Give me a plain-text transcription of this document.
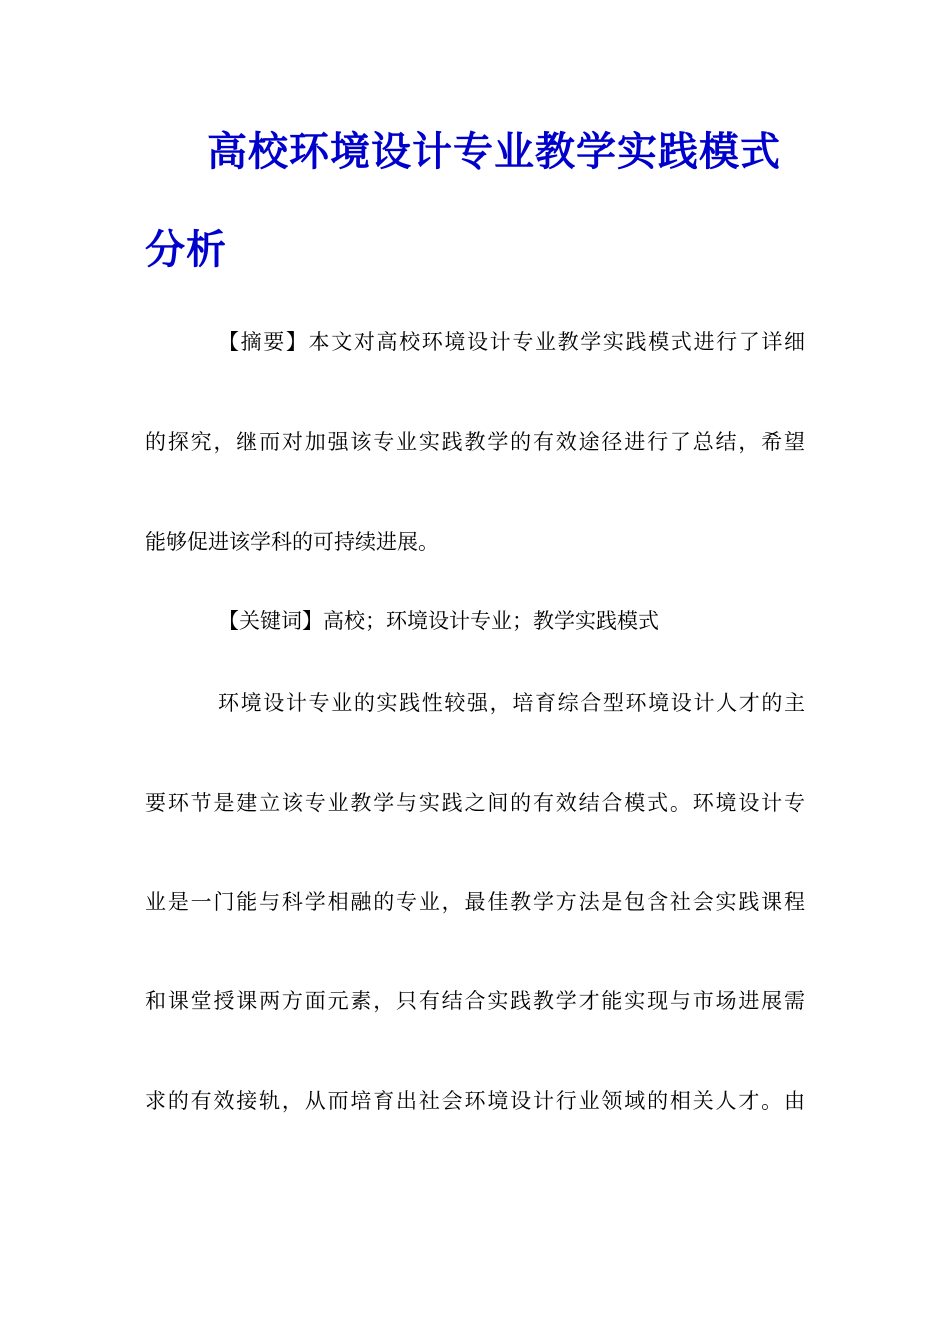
高校环境设计专业教学实践模式
分析
【摘要】本文对高校环境设计专业教学实践模式进行了详细
的探究，继而对加强该专业实践教学的有效途径进行了总结，希望
能够促进该学科的可持续进展。
【关键词】高校；环境设计专业；教学实践模式
环境设计专业的实践性较强，培育综合型环境设计人才的主
要环节是建立该专业教学与实践之间的有效结合模式。环境设计专
业是一门能与科学相融的专业，最佳教学方法是包含社会实践课程
和课堂授课两方面元素，只有结合实践教学才能实现与市场进展需
求的有效接轨，从而培育出社会环境设计行业领域的相关人才。由
